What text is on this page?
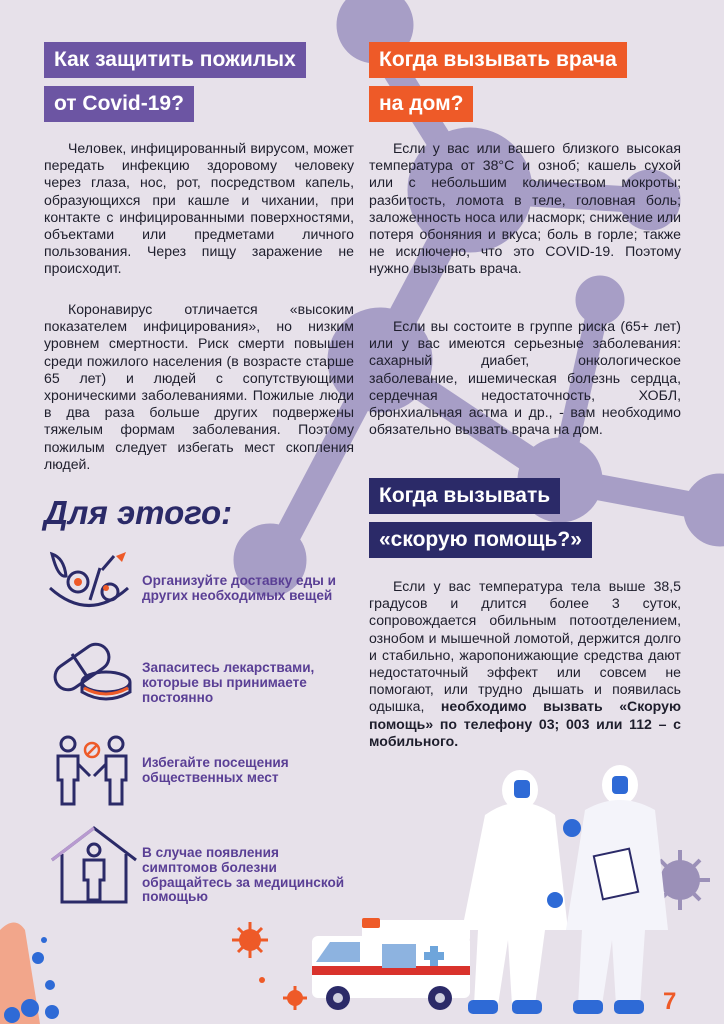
Как защитить пожилых
от Covid-19?

Человек, инфицированный вирусом, может передать инфекцию здоровому человеку через глаза, нос, рот, посредством капель, образующихся при кашле и чихании, при контакте с инфицированными поверхностями, объектами или предметами личного пользования. Через пищу заражение не происходит.

Коронавирус отличается «высоким показателем инфицирования», но низким уровнем смертности. Риск смерти повышен среди пожилого населения (в возрасте старше 65 лет) и людей с сопутствующими хроническими заболеваниями. Пожилые люди в два раза больше других подвержены тяжелым формам заболевания. Поэтому пожилым следует избегать мест скопления людей.

Для этого:
Организуйте доставку еды и других необходимых вещей
Запаситесь лекарствами, которые вы принимаете постоянно
Избегайте посещения общественных мест
В случае появления симптомов болезни обращайтесь за медицинской помощью
Когда вызывать врача
на дом?

Если у вас или вашего близкого высокая температура от 38°C и озноб; кашель сухой или с небольшим количеством мокроты; разбитость, ломота в теле, головная боль; заложенность носа или насморк; снижение или потеря обоняния и вкуса; боль в горле; также не исключено, что это COVID-19. Поэтому нужно вызывать врача.

Если вы состоите в группе риска (65+ лет) или у вас имеются серьезные заболевания: сахарный диабет, онкологическое заболевание, ишемическая болезнь сердца, сердечная недостаточность, ХОБЛ, бронхиальная астма и др., - вам необходимо обязательно вызвать врача на дом.

Когда вызывать
«скорую помощь?»

Если у вас температура тела выше 38,5 градусов и длится более 3 суток, сопровождается обильным потоотделением, ознобом и мышечной ломотой, держится долго и стабильно, жаропонижающие средства дают недостаточный эффект или совсем не помогают, или трудно дышать и появилась одышка, необходимо вызвать «Скорую помощь» по телефону 03; 003 или 112 – с мобильного.

7
